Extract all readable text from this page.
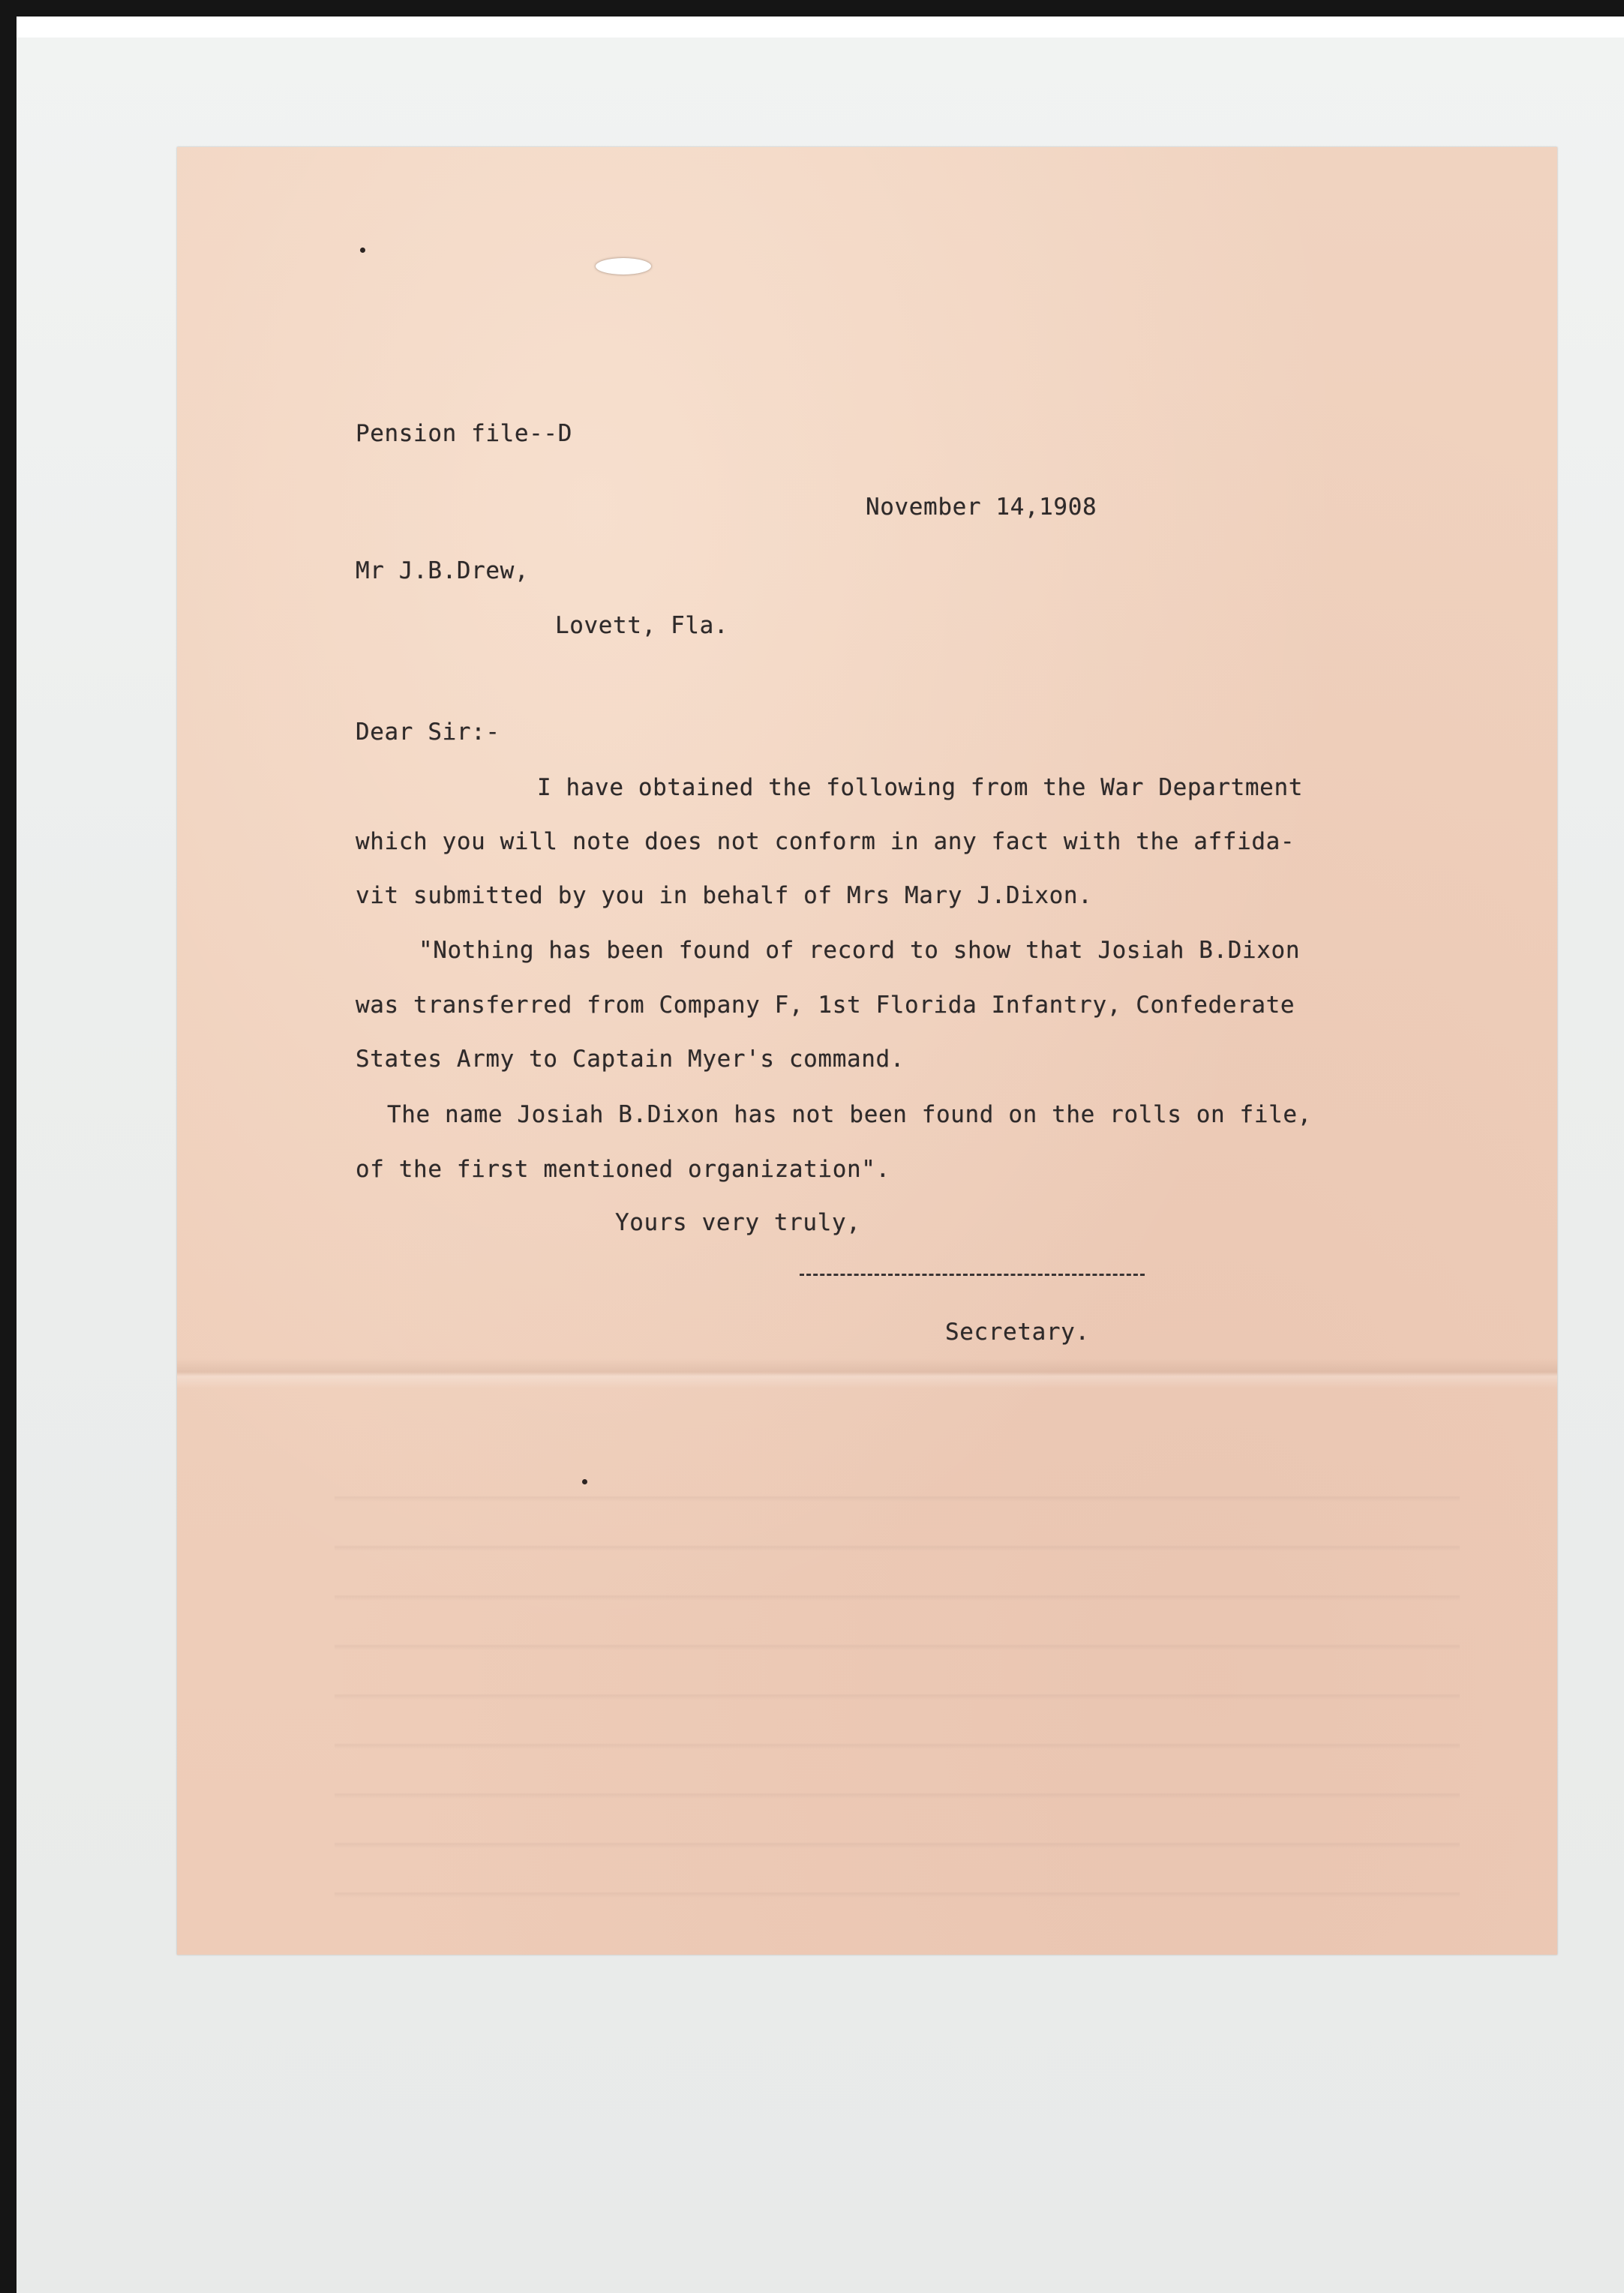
Pension file--D

November 14,1908

Mr J.B.Drew,

Lovett, Fla.

Dear Sir:-

I have obtained the following from the War Department

which you will note does not conform in any fact with the affida-

vit submitted by you in behalf of Mrs Mary J.Dixon.

"Nothing has been found of record to show that Josiah B.Dixon

was transferred from Company F, 1st Florida Infantry, Confederate

States Army to Captain Myer's command.

The name Josiah B.Dixon has not been found on the rolls on file,

of the first mentioned organization".

Yours very truly,

Secretary.
